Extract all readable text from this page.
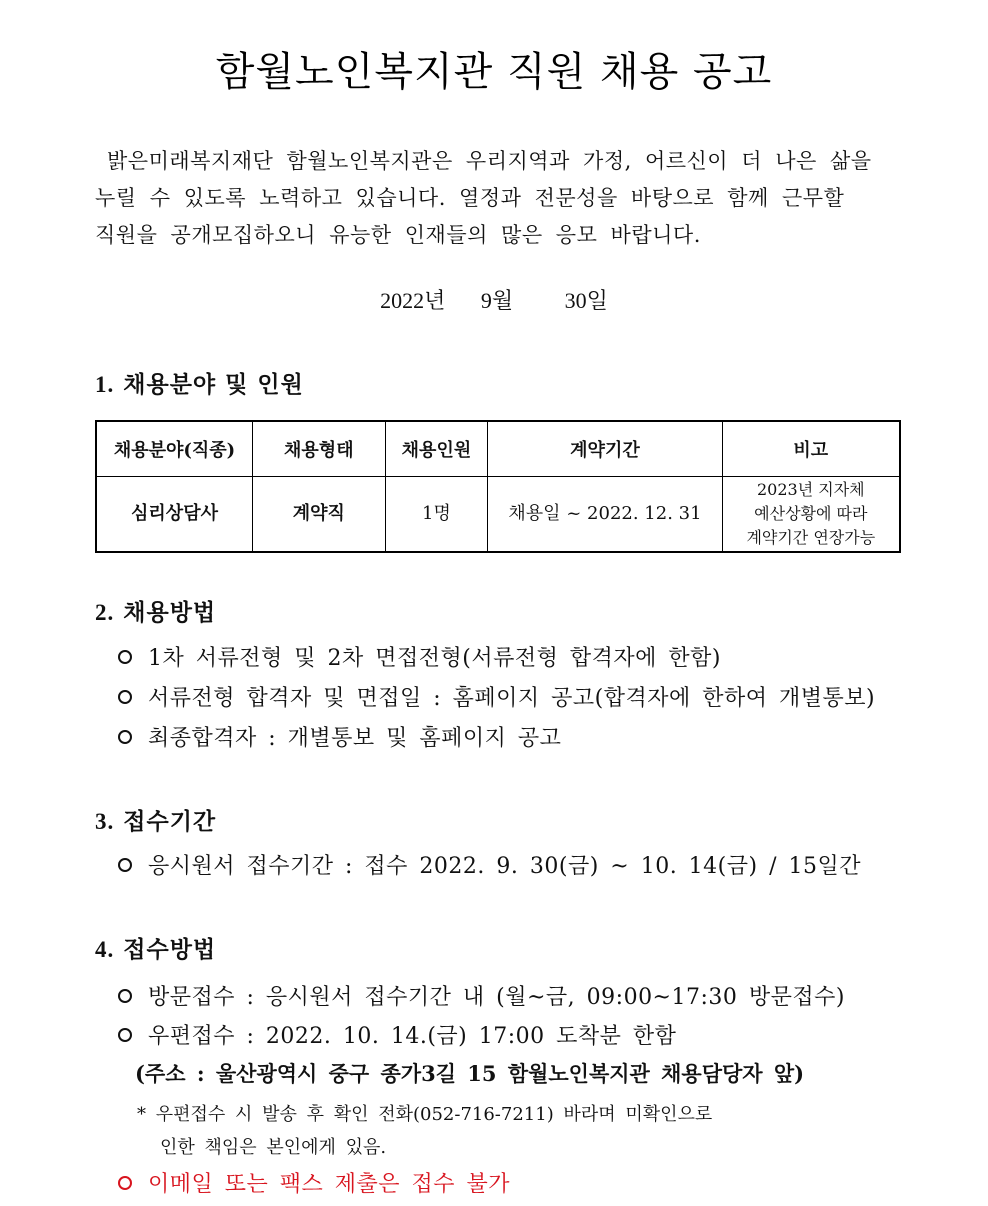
함월노인복지관 직원 채용 공고
밝은미래복지재단 함월노인복지관은 우리지역과 가정, 어르신이 더 나은 삶을
누릴 수 있도록 노력하고 있습니다. 열정과 전문성을 바탕으로 함께 근무할
직원을 공개모집하오니 유능한 인재들의 많은 응모 바랍니다.
2022년 9월 30일
1. 채용분야 및 인원
채용분야(직종)	채용형태	채용인원	계약기간	비고
심리상담사	계약직	1명	채용일 ~ 2022. 12. 31	2023년 지자체
예산상황에 따라
계약기간 연장가능
2. 채용방법
1차 서류전형 및 2차 면접전형(서류전형 합격자에 한함)
서류전형 합격자 및 면접일 : 홈페이지 공고(합격자에 한하여 개별통보)
최종합격자 : 개별통보 및 홈페이지 공고
3. 접수기간
응시원서 접수기간 : 접수 2022. 9. 30(금) ~ 10. 14(금) / 15일간
4. 접수방법
방문접수 : 응시원서 접수기간 내 (월~금, 09:00~17:30 방문접수)
우편접수 : 2022. 10. 14.(금) 17:00 도착분 한함
(주소 : 울산광역시 중구 종가3길 15 함월노인복지관 채용담당자 앞)
* 우편접수 시 발송 후 확인 전화(052-716-7211) 바라며 미확인으로
인한 책임은 본인에게 있음.
이메일 또는 팩스 제출은 접수 불가
